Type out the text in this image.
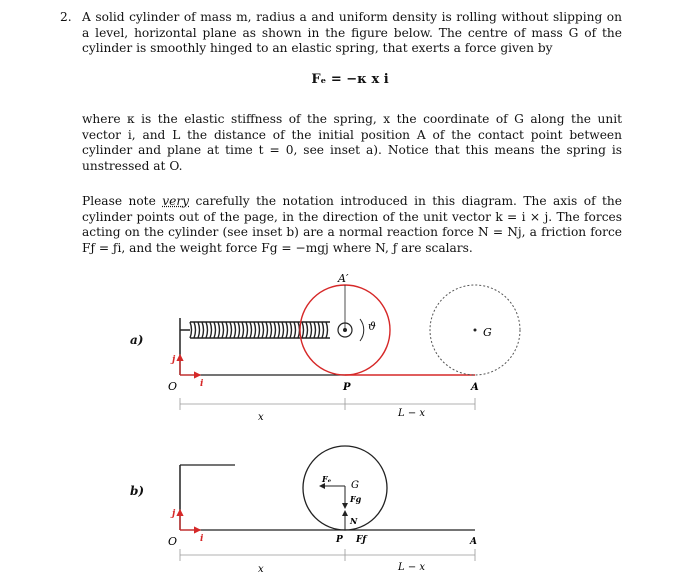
2. A solid cylinder of mass m, radius a and uniform density is rolling without slipping on a level, horizontal plane as shown in the figure below. The centre of mass G of the cylinder is smoothly hinged to an elastic spring, that exerts a force given by

Fₑ = −κ x i

where κ is the elastic stiffness of the spring, x the coordinate of G along the unit vector i, and L the distance of the initial position A of the contact point between cylinder and plane at time t = 0, see inset a). Notice that this means the spring is unstressed at O.

Please note very carefully the notation introduced in this diagram. The axis of the cylinder points out of the page, in the direction of the unit vector k = i × j. The forces acting on the cylinder (see inset b) are a normal reaction force N = Nj, a friction force Fƒ = ƒi, and the weight force Fg = −mgj where N, ƒ are scalars.

a)
b)
A′
ϑ
P
G
A
j
i
O
x	L − x
Fₑ
G
Fg
N
P Fƒ	A
j
i
O
x	L − x
